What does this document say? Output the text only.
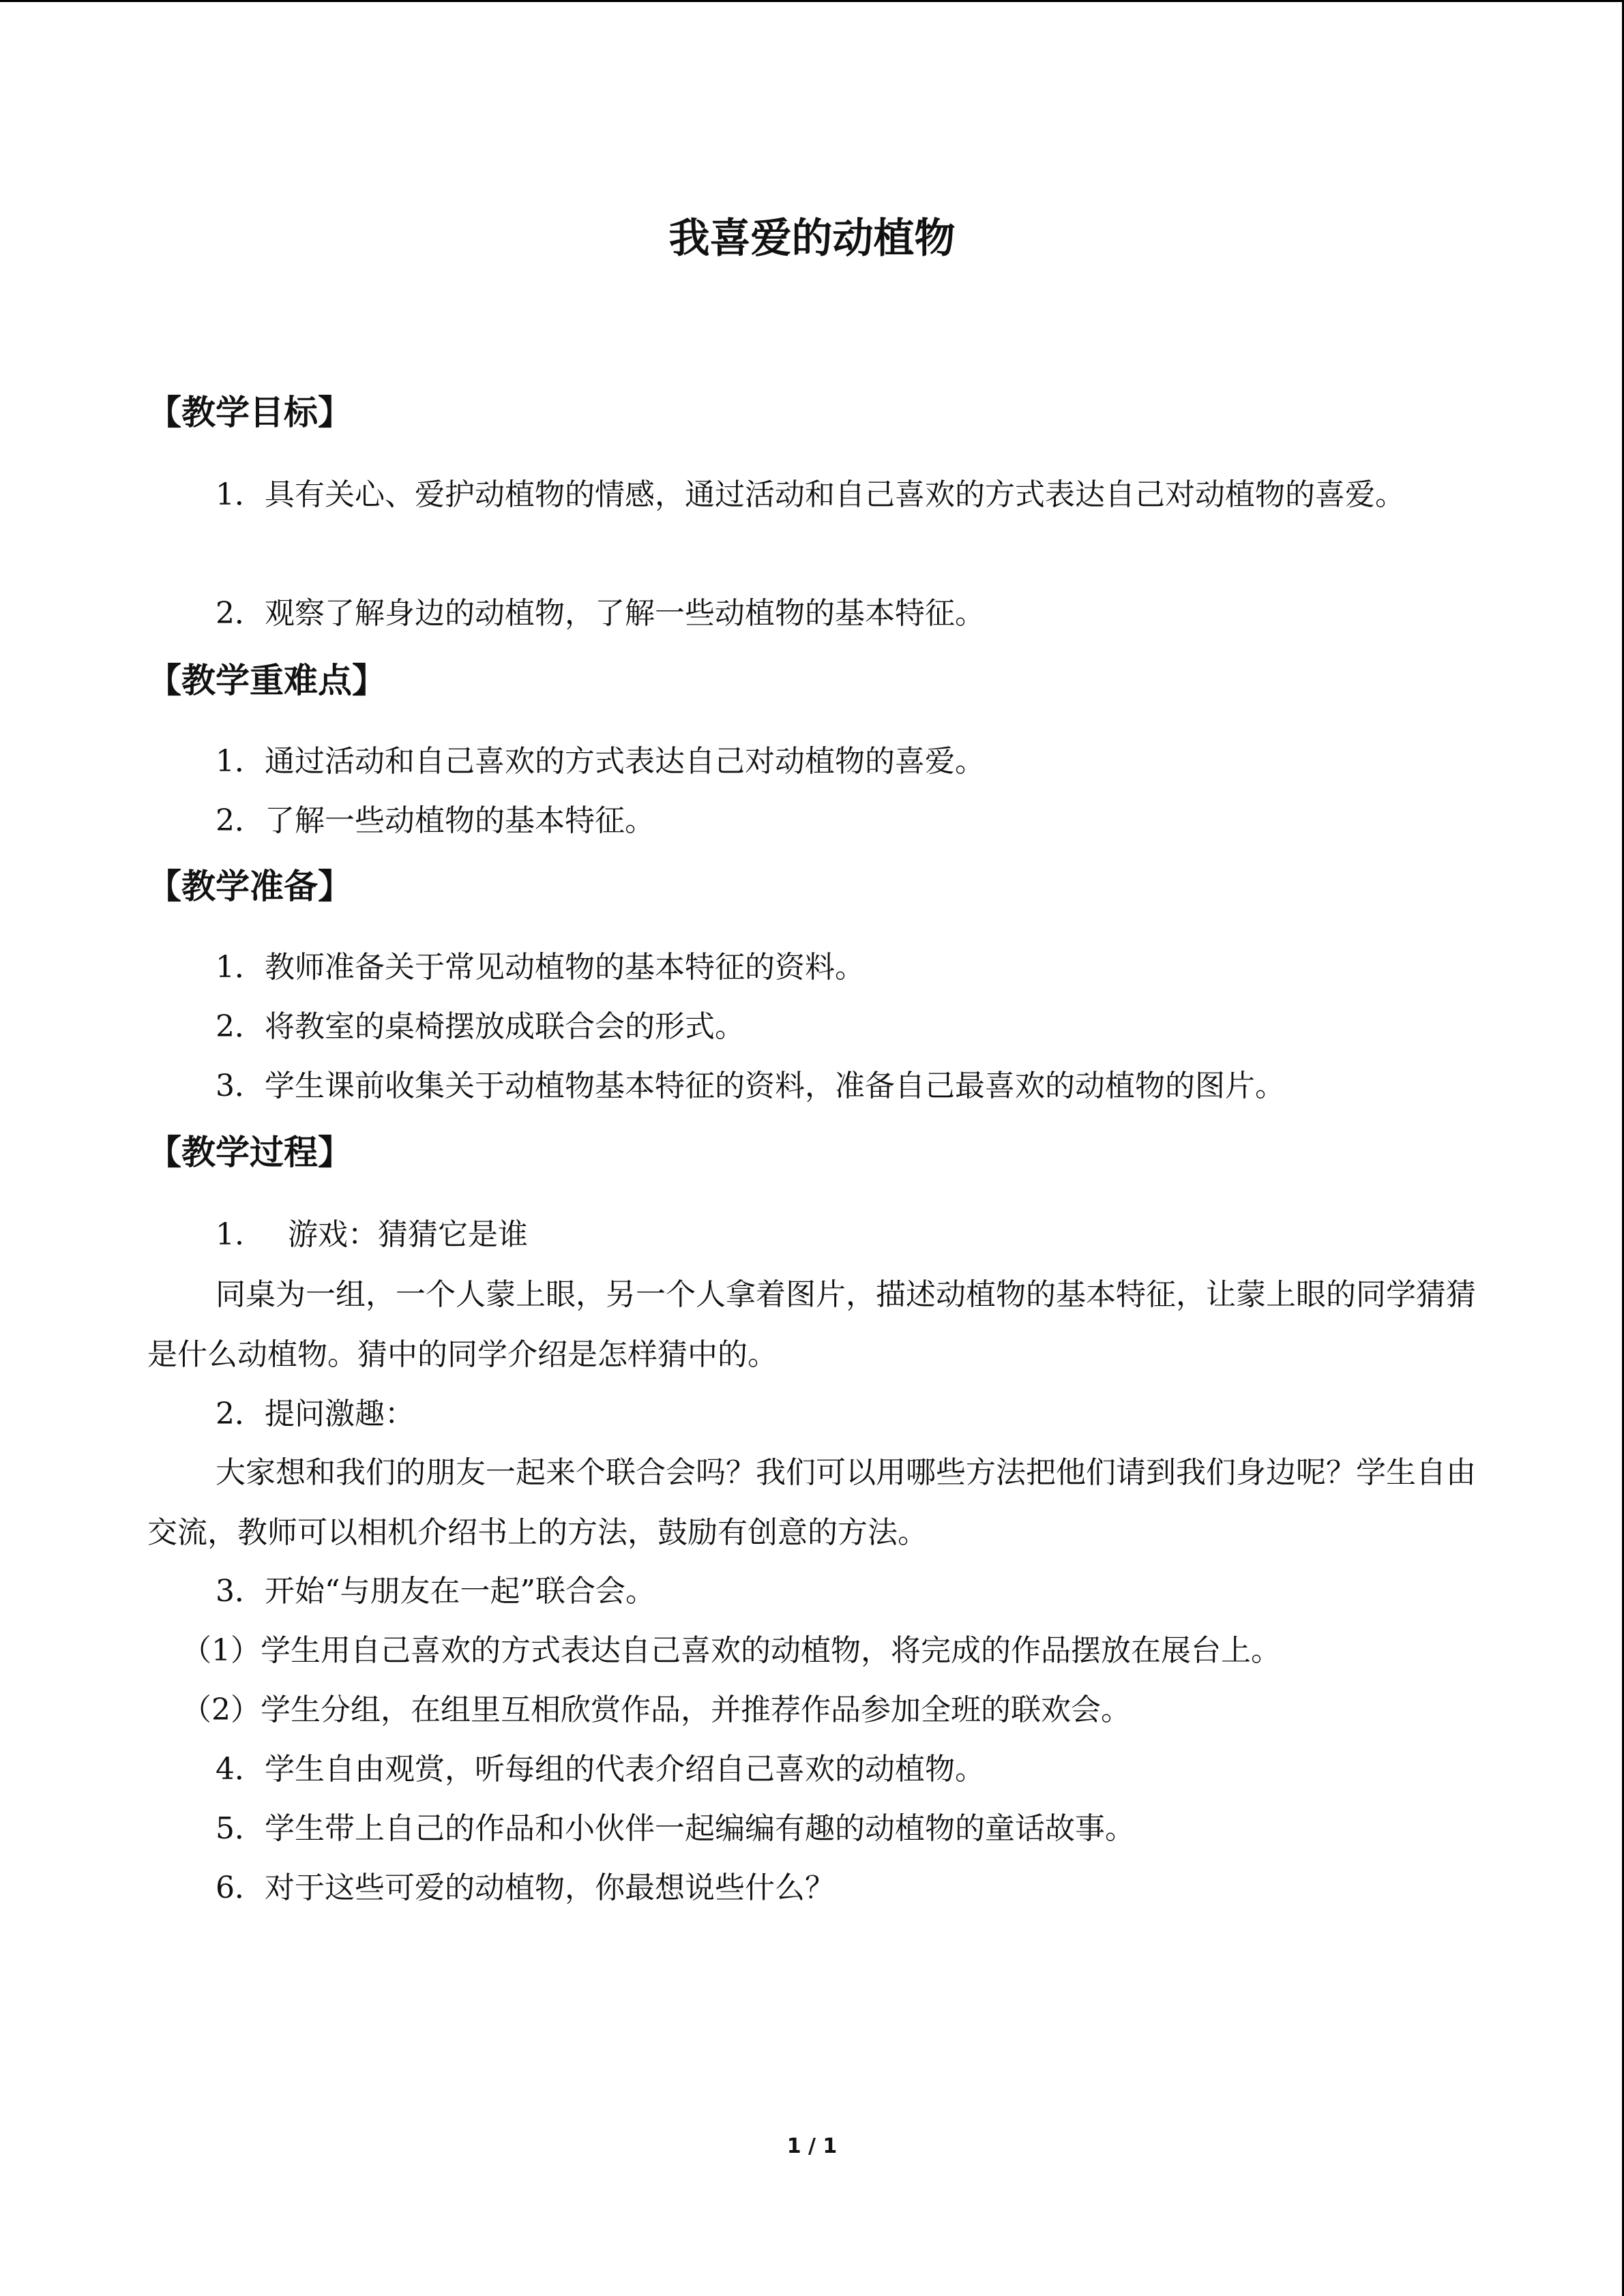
我喜爱的动植物
【教学目标】

1．具有关心、爱护动植物的情感，通过活动和自己喜欢的方式表达自己对动植物的喜爱。

2．观察了解身边的动植物，了解一些动植物的基本特征。

【教学重难点】

1．通过活动和自己喜欢的方式表达自己对动植物的喜爱。

2．了解一些动植物的基本特征。

【教学准备】

1．教师准备关于常见动植物的基本特征的资料。

2．将教室的桌椅摆放成联合会的形式。

3．学生课前收集关于动植物基本特征的资料，准备自己最喜欢的动植物的图片。

【教学过程】

1. 游戏：猜猜它是谁

同桌为一组，一个人蒙上眼，另一个人拿着图片，描述动植物的基本特征，让蒙上眼的同学猜猜是什么动植物。猜中的同学介绍是怎样猜中的。

2．提问激趣：

大家想和我们的朋友一起来个联合会吗？我们可以用哪些方法把他们请到我们身边呢？学生自由交流，教师可以相机介绍书上的方法，鼓励有创意的方法。

3．开始“与朋友在一起”联合会。

（1）学生用自己喜欢的方式表达自己喜欢的动植物，将完成的作品摆放在展台上。

（2）学生分组，在组里互相欣赏作品，并推荐作品参加全班的联欢会。

4．学生自由观赏，听每组的代表介绍自己喜欢的动植物。

5．学生带上自己的作品和小伙伴一起编编有趣的动植物的童话故事。

6．对于这些可爱的动植物，你最想说些什么？

1 / 1
